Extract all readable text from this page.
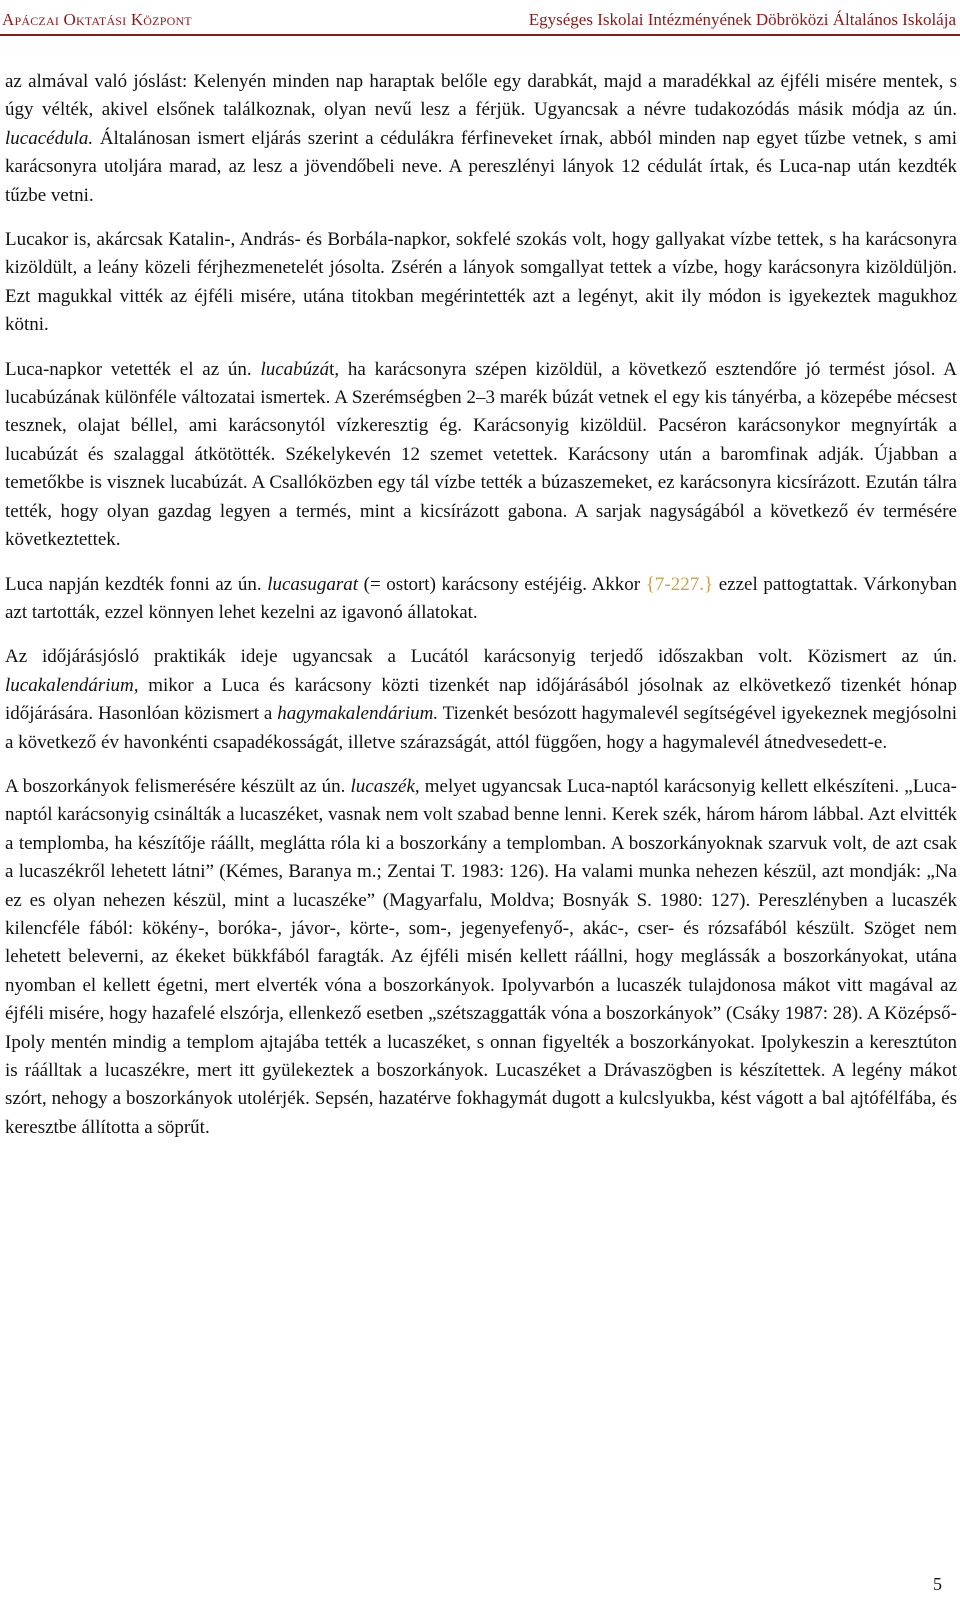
Apáczai Oktatási Központ	Egységes Iskolai Intézményének Döbröközi Általános Iskolája

az almával való jóslást: Kelenyén minden nap haraptak belőle egy darabkát, majd a maradékkal az éjféli misére mentek, s úgy vélték, akivel elsőnek találkoznak, olyan nevű lesz a férjük. Ugyancsak a névre tudakozódás másik módja az ún. lucacédula. Általánosan ismert eljárás szerint a cédulákra férfineveket írnak, abból minden nap egyet tűzbe vetnek, s ami karácsonyra utoljára marad, az lesz a jövendőbeli neve. A pereszlényi lányok 12 cédulát írtak, és Luca-nap után kezdték tűzbe vetni.

Lucakor is, akárcsak Katalin-, András- és Borbála-napkor, sokfelé szokás volt, hogy gallyakat vízbe tettek, s ha karácsonyra kizöldült, a leány közeli férjhezmenetelét jósolta. Zsérén a lányok somgallyat tettek a vízbe, hogy karácsonyra kizöldüljön. Ezt magukkal vitték az éjféli misére, utána titokban megérintették azt a legényt, akit ily módon is igyekeztek magukhoz kötni.

Luca-napkor vetették el az ún. lucabúzát, ha karácsonyra szépen kizöldül, a következő esztendőre jó termést jósol. A lucabúzának különféle változatai ismertek. A Szerémségben 2–3 marék búzát vetnek el egy kis tányérba, a közepébe mécsest tesznek, olajat béllel, ami karácsonytól vízkeresztig ég. Karácsonyig kizöldül. Pacséron karácsonykor megnyírták a lucabúzát és szalaggal átkötötték. Székelykevén 12 szemet vetettek. Karácsony után a baromfinak adják. Újabban a temetőkbe is visznek lucabúzát. A Csallóközben egy tál vízbe tették a búzaszemeket, ez karácsonyra kicsírázott. Ezután tálra tették, hogy olyan gazdag legyen a termés, mint a kicsírázott gabona. A sarjak nagyságából a következő év termésére következtettek.

Luca napján kezdték fonni az ún. lucasugarat (= ostort) karácsony estéjéig. Akkor {7-227.} ezzel pattogtattak. Várkonyban azt tartották, ezzel könnyen lehet kezelni az igavonó állatokat.

Az időjárásjósló praktikák ideje ugyancsak a Lucától karácsonyig terjedő időszakban volt. Közismert az ún. lucakalendárium, mikor a Luca és karácsony közti tizenkét nap időjárásából jósolnak az elkövetkező tizenkét hónap időjárására. Hasonlóan közismert a hagymakalendárium. Tizenkét besózott hagymalevél segítségével igyekeznek megjósolni a következő év havonkénti csapadékosságát, illetve szárazságát, attól függően, hogy a hagymalevél átnedvesedett-e.

A boszorkányok felismerésére készült az ún. lucaszék, melyet ugyancsak Luca-naptól karácsonyig kellett elkészíteni. „Luca-naptól karácsonyig csinálták a lucaszéket, vasnak nem volt szabad benne lenni. Kerek szék, három három lábbal. Azt elvitték a templomba, ha készítője ráállt, meglátta róla ki a boszorkány a templomban. A boszorkányoknak szarvuk volt, de azt csak a lucaszékről lehetett látni” (Kémes, Baranya m.; Zentai T. 1983: 126). Ha valami munka nehezen készül, azt mondják: „Na ez es olyan nehezen készül, mint a lucaszéke” (Magyarfalu, Moldva; Bosnyák S. 1980: 127). Pereszlényben a lucaszék kilencféle fából: kökény-, boróka-, jávor-, körte-, som-, jegenyefenyő-, akác-, cser- és rózsafából készült. Szöget nem lehetett beleverni, az ékeket bükkfából faragták. Az éjféli misén kellett ráállni, hogy meglássák a boszorkányokat, utána nyomban el kellett égetni, mert elverték vóna a boszorkányok. Ipolyvarbón a lucaszék tulajdonosa mákot vitt magával az éjféli misére, hogy hazafelé elszórja, ellenkező esetben „szétszaggatták vóna a boszorkányok” (Csáky 1987: 28). A Középső-Ipoly mentén mindig a templom ajtajába tették a lucaszéket, s onnan figyelték a boszorkányokat. Ipolykeszin a keresztúton is ráálltak a lucaszékre, mert itt gyülekeztek a boszorkányok. Lucaszéket a Drávaszögben is készítettek. A legény mákot szórt, nehogy a boszorkányok utolérjék. Sepsén, hazatérve fokhagymát dugott a kulcslyukba, kést vágott a bal ajtófélfába, és keresztbe állította a söprűt.

5
